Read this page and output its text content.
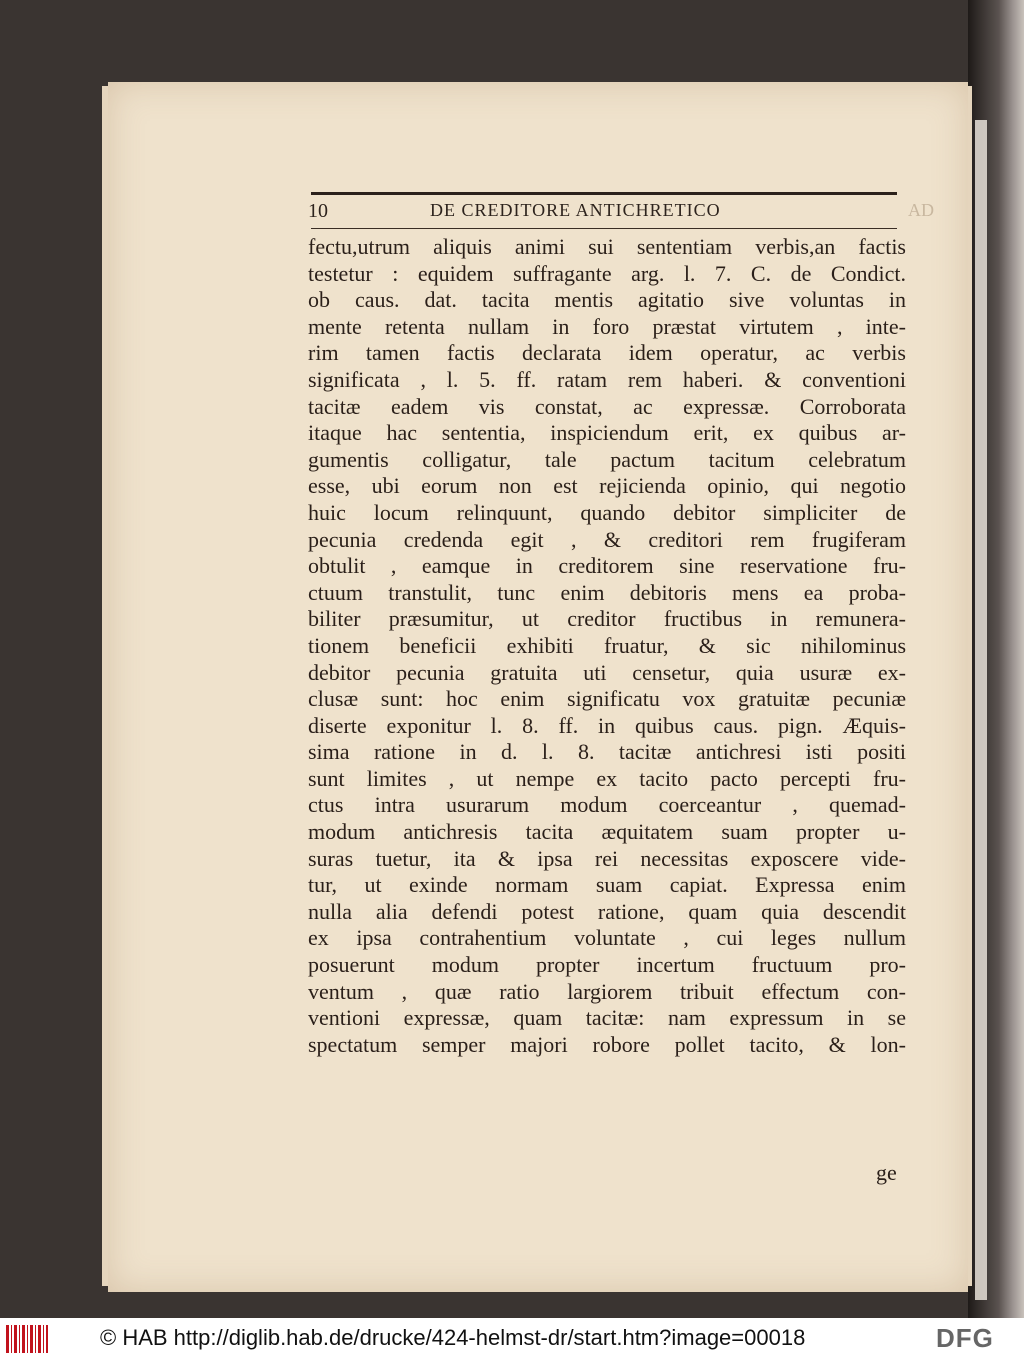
10	DE CREDITORE ANTICHRETICO	AD
fectu,utrum aliquis animi sui sententiam verbis,an factis
testetur : equidem suffragante arg. l. 7. C. de Condict.
ob caus. dat. tacita mentis agitatio sive voluntas in
mente retenta nullam in foro præstat virtutem , inte-
rim tamen factis declarata idem operatur, ac verbis
significata , l. 5. ff. ratam rem haberi. & conventioni
tacitæ eadem vis constat, ac expressæ. Corroborata
itaque hac sententia, inspiciendum erit, ex quibus ar-
gumentis colligatur, tale pactum tacitum celebratum
esse, ubi eorum non est rejicienda opinio, qui negotio
huic locum relinquunt, quando debitor simpliciter de
pecunia credenda egit , & creditori rem frugiferam
obtulit , eamque in creditorem sine reservatione fru-
ctuum transtulit, tunc enim debitoris mens ea proba-
biliter præsumitur, ut creditor fructibus in remunera-
tionem beneficii exhibiti fruatur, & sic nihilominus
debitor pecunia gratuita uti censetur, quia usuræ ex-
clusæ sunt: hoc enim significatu vox gratuitæ pecuniæ
diserte exponitur l. 8. ff. in quibus caus. pign. Æquis-
sima ratione in d. l. 8. tacitæ antichresi isti positi
sunt limites , ut nempe ex tacito pacto percepti fru-
ctus intra usurarum modum coerceantur , quemad-
modum antichresis tacita æquitatem suam propter u-
suras tuetur, ita & ipsa rei necessitas exposcere vide-
tur, ut exinde normam suam capiat. Expressa enim
nulla alia defendi potest ratione, quam quia descendit
ex ipsa contrahentium voluntate , cui leges nullum
posuerunt modum propter incertum fructuum pro-
ventum , quæ ratio largiorem tribuit effectum con-
ventioni expressæ, quam tacitæ: nam expressum in se
spectatum semper majori robore pollet tacito, & lon-
ge
© HAB http://diglib.hab.de/drucke/424-helmst-dr/start.htm?image=00018	DFG
